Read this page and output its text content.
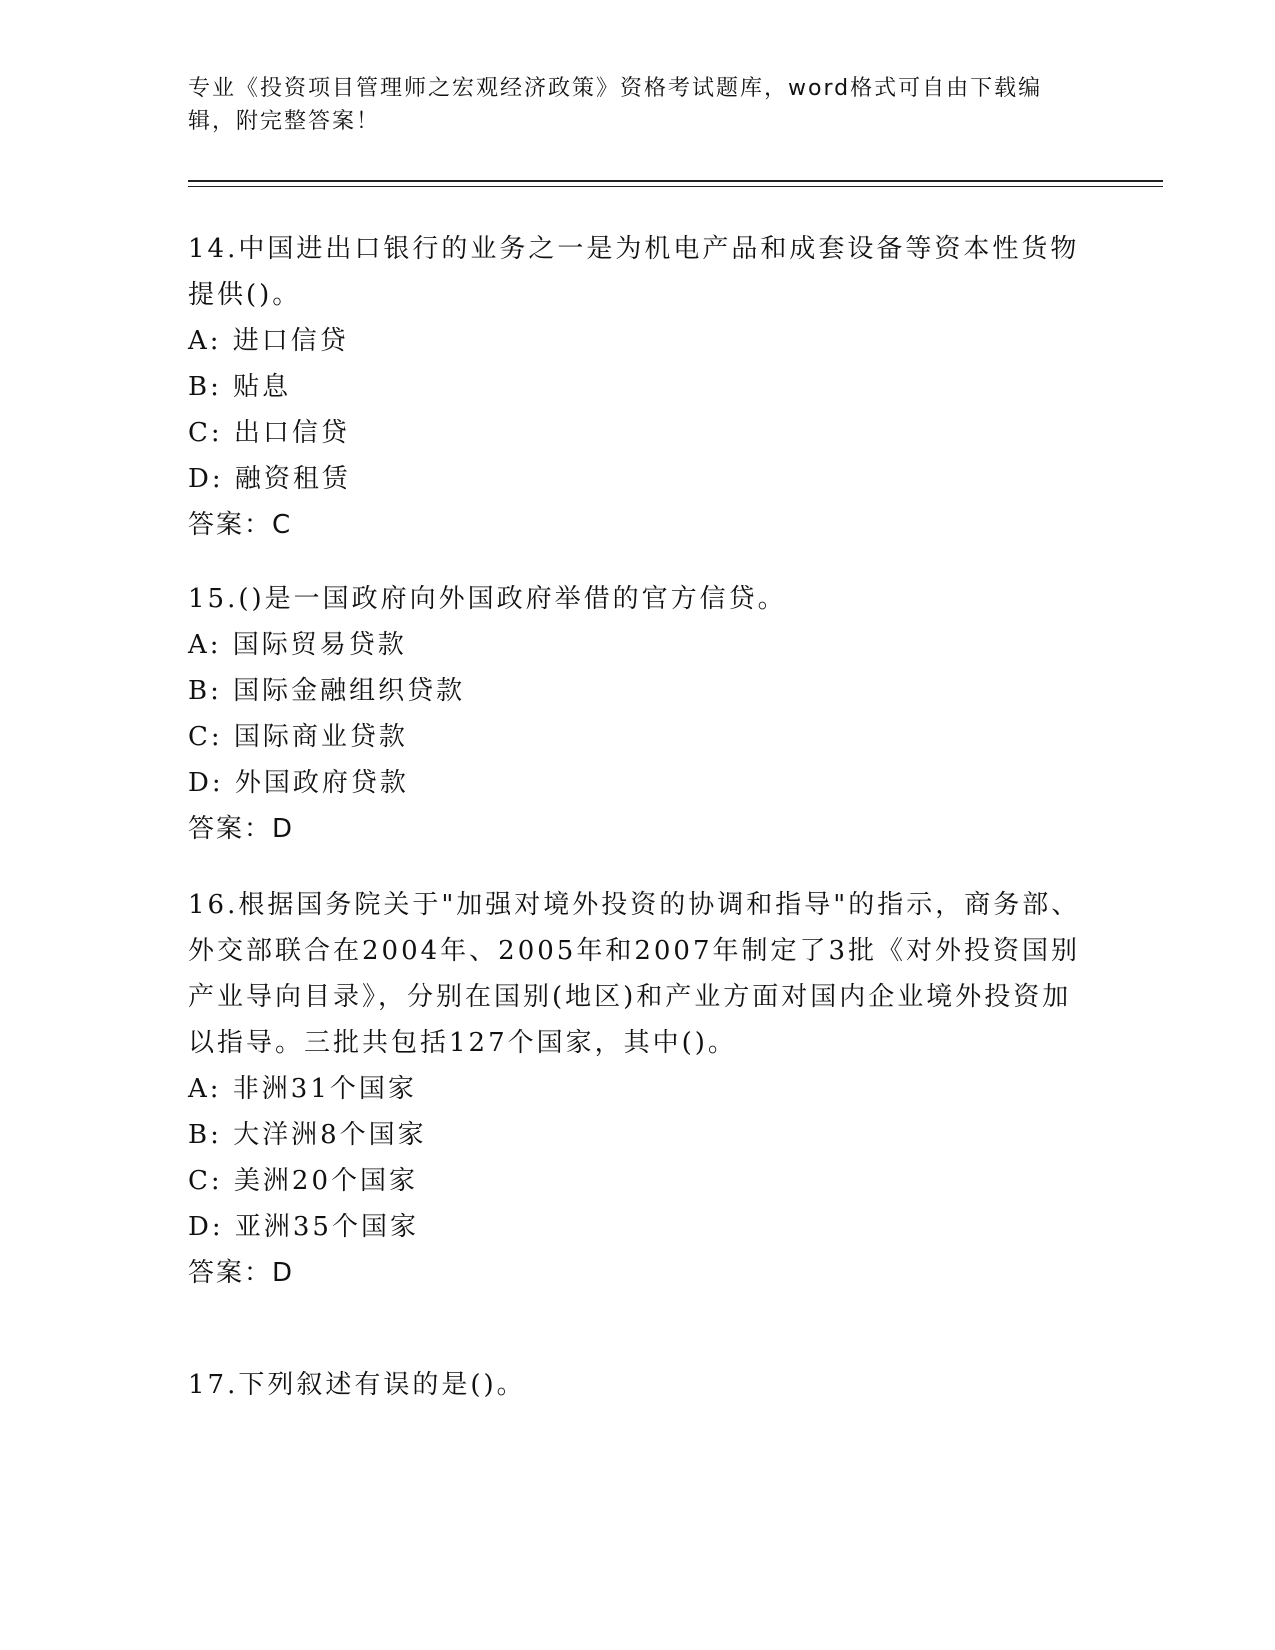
专业《投资项目管理师之宏观经济政策》资格考试题库，word格式可自由下载编辑，附完整答案！
14.中国进出口银行的业务之一是为机电产品和成套设备等资本性货物提供()。
A: 进口信贷
B: 贴息
C: 出口信贷
D: 融资租赁
答案：C
15.()是一国政府向外国政府举借的官方信贷。
A: 国际贸易贷款
B: 国际金融组织贷款
C: 国际商业贷款
D: 外国政府贷款
答案：D
16.根据国务院关于"加强对境外投资的协调和指导"的指示，商务部、外交部联合在2004年、2005年和2007年制定了3批《对外投资国别产业导向目录》，分别在国别(地区)和产业方面对国内企业境外投资加以指导。三批共包括127个国家，其中()。
A: 非洲31个国家
B: 大洋洲8个国家
C: 美洲20个国家
D: 亚洲35个国家
答案：D
17.下列叙述有误的是()。
